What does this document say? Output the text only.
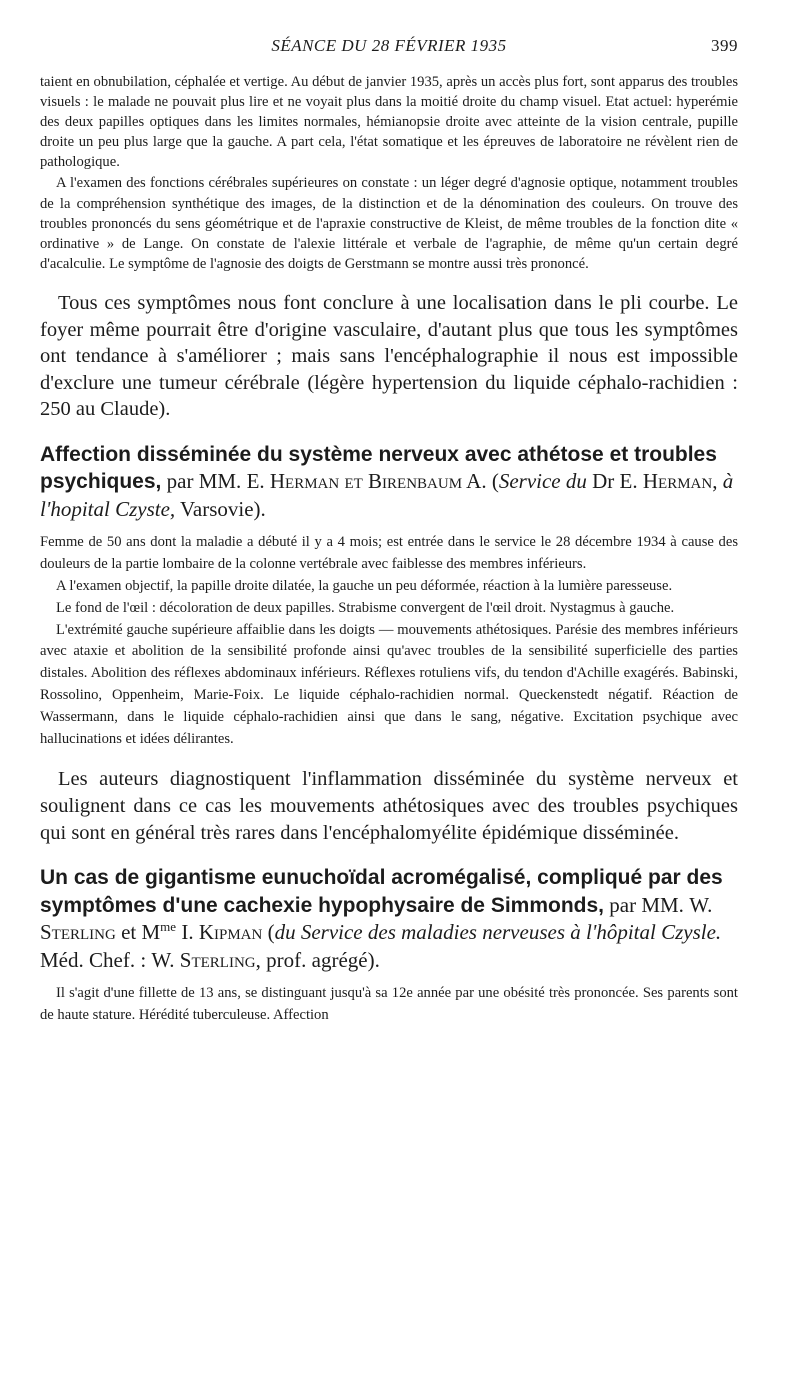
SÉANCE DU 28 FÉVRIER 1935	399

taient en obnubilation, céphalée et vertige. Au début de janvier 1935, après un accès plus fort, sont apparus des troubles visuels : le malade ne pouvait plus lire et ne voyait plus dans la moitié droite du champ visuel. Etat actuel: hyperémie des deux papilles optiques dans les limites normales, hémianopsie droite avec atteinte de la vision centrale, pupille droite un peu plus large que la gauche. A part cela, l'état somatique et les épreuves de laboratoire ne révèlent rien de pathologique.

A l'examen des fonctions cérébrales supérieures on constate : un léger degré d'agnosie optique, notamment troubles de la compréhension synthétique des images, de la distinction et de la dénomination des couleurs. On trouve des troubles prononcés du sens géométrique et de l'apraxie constructive de Kleist, de même troubles de la fonction dite « ordinative » de Lange. On constate de l'alexie littérale et verbale de l'agraphie, de même qu'un certain degré d'acalculie. Le symptôme de l'agnosie des doigts de Gerstmann se montre aussi très prononcé.

Tous ces symptômes nous font conclure à une localisation dans le pli courbe. Le foyer même pourrait être d'origine vasculaire, d'autant plus que tous les symptômes ont tendance à s'améliorer ; mais sans l'encéphalographie il nous est impossible d'exclure une tumeur cérébrale (légère hypertension du liquide céphalo-rachidien : 250 au Claude).

Affection disséminée du système nerveux avec athétose et troubles psychiques, par MM. E. Herman et Birenbaum A. (Service du Dr E. Herman, à l'hopital Czyste, Varsovie).

Femme de 50 ans dont la maladie a débuté il y a 4 mois; est entrée dans le service le 28 décembre 1934 à cause des douleurs de la partie lombaire de la colonne vertébrale avec faiblesse des membres inférieurs.

A l'examen objectif, la papille droite dilatée, la gauche un peu déformée, réaction à la lumière paresseuse.

Le fond de l'œil : décoloration de deux papilles. Strabisme convergent de l'œil droit. Nystagmus à gauche.

L'extrémité gauche supérieure affaiblie dans les doigts — mouvements athétosiques. Parésie des membres inférieurs avec ataxie et abolition de la sensibilité profonde ainsi qu'avec troubles de la sensibilité superficielle des parties distales. Abolition des réflexes abdominaux inférieurs. Réflexes rotuliens vifs, du tendon d'Achille exagérés. Babinski, Rossolino, Oppenheim, Marie-Foix. Le liquide céphalo-rachidien normal. Queckenstedt négatif. Réaction de Wassermann, dans le liquide céphalo-rachidien ainsi que dans le sang, négative. Excitation psychique avec hallucinations et idées délirantes.

Les auteurs diagnostiquent l'inflammation disséminée du système nerveux et soulignent dans ce cas les mouvements athétosiques avec des troubles psychiques qui sont en général très rares dans l'encéphalomyélite épidémique disséminée.

Un cas de gigantisme eunuchoïdal acromégalisé, compliqué par des symptômes d'une cachexie hypophysaire de Simmonds, par MM. W. Sterling et $M^{me}$ I. Kipman (du Service des maladies nerveuses à l'hôpital Czysle. Méd. Chef. : W. Sterling, prof. agrégé).

Il s'agit d'une fillette de 13 ans, se distinguant jusqu'à sa 12e année par une obésité très prononcée. Ses parents sont de haute stature. Hérédité tuberculeuse. Affection
